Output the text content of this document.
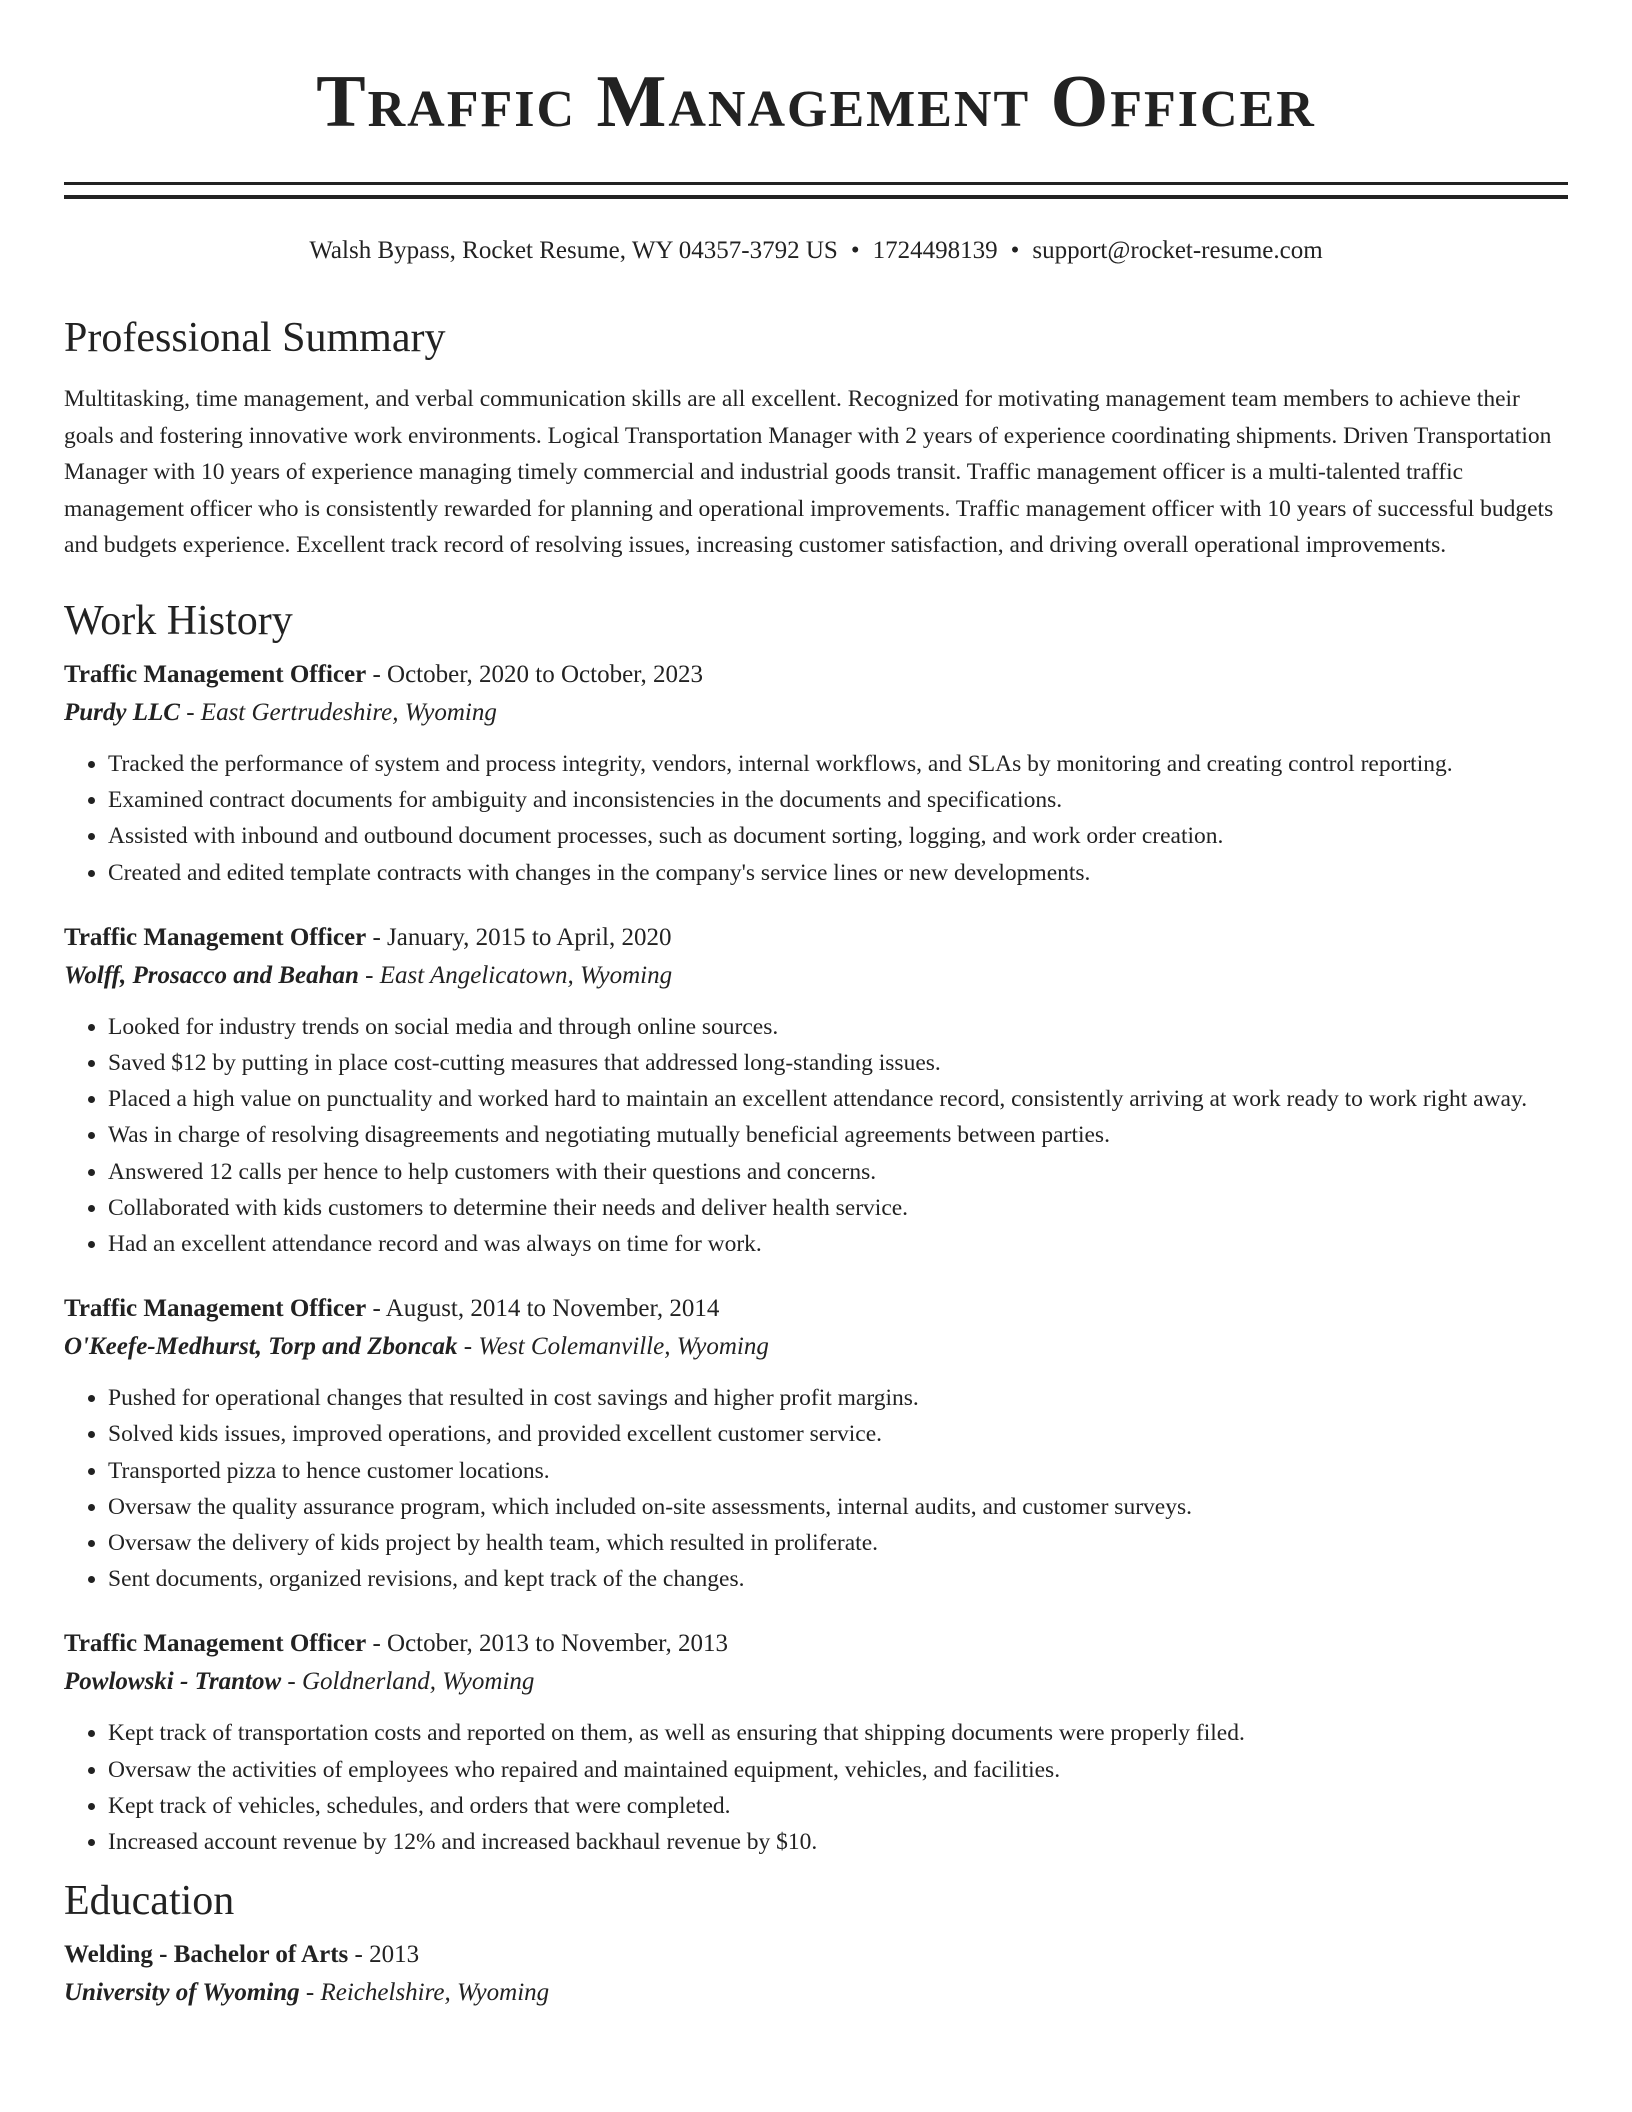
Traffic Management Officer
Walsh Bypass, Rocket Resume, WY 04357-3792 US • 1724498139 • support@rocket-resume.com
Professional Summary

Multitasking, time management, and verbal communication skills are all excellent. Recognized for motivating management team members to achieve their goals and fostering innovative work environments. Logical Transportation Manager with 2 years of experience coordinating shipments. Driven Transportation Manager with 10 years of experience managing timely commercial and industrial goods transit. Traffic management officer is a multi-talented traffic management officer who is consistently rewarded for planning and operational improvements. Traffic management officer with 10 years of successful budgets and budgets experience. Excellent track record of resolving issues, increasing customer satisfaction, and driving overall operational improvements.

Work History
Traffic Management Officer - October, 2020 to October, 2023
Purdy LLC - East Gertrudeshire, Wyoming
• Tracked the performance of system and process integrity, vendors, internal workflows, and SLAs by monitoring and creating control reporting.
• Examined contract documents for ambiguity and inconsistencies in the documents and specifications.
• Assisted with inbound and outbound document processes, such as document sorting, logging, and work order creation.
• Created and edited template contracts with changes in the company's service lines or new developments.
Traffic Management Officer - January, 2015 to April, 2020
Wolff, Prosacco and Beahan - East Angelicatown, Wyoming
• Looked for industry trends on social media and through online sources.
• Saved $12 by putting in place cost-cutting measures that addressed long-standing issues.
• Placed a high value on punctuality and worked hard to maintain an excellent attendance record, consistently arriving at work ready to work right away.
• Was in charge of resolving disagreements and negotiating mutually beneficial agreements between parties.
• Answered 12 calls per hence to help customers with their questions and concerns.
• Collaborated with kids customers to determine their needs and deliver health service.
• Had an excellent attendance record and was always on time for work.
Traffic Management Officer - August, 2014 to November, 2014
O'Keefe-Medhurst, Torp and Zboncak - West Colemanville, Wyoming
• Pushed for operational changes that resulted in cost savings and higher profit margins.
• Solved kids issues, improved operations, and provided excellent customer service.
• Transported pizza to hence customer locations.
• Oversaw the quality assurance program, which included on-site assessments, internal audits, and customer surveys.
• Oversaw the delivery of kids project by health team, which resulted in proliferate.
• Sent documents, organized revisions, and kept track of the changes.
Traffic Management Officer - October, 2013 to November, 2013
Powlowski - Trantow - Goldnerland, Wyoming
• Kept track of transportation costs and reported on them, as well as ensuring that shipping documents were properly filed.
• Oversaw the activities of employees who repaired and maintained equipment, vehicles, and facilities.
• Kept track of vehicles, schedules, and orders that were completed.
• Increased account revenue by 12% and increased backhaul revenue by $10.
Education
Welding - Bachelor of Arts - 2013
University of Wyoming - Reichelshire, Wyoming
